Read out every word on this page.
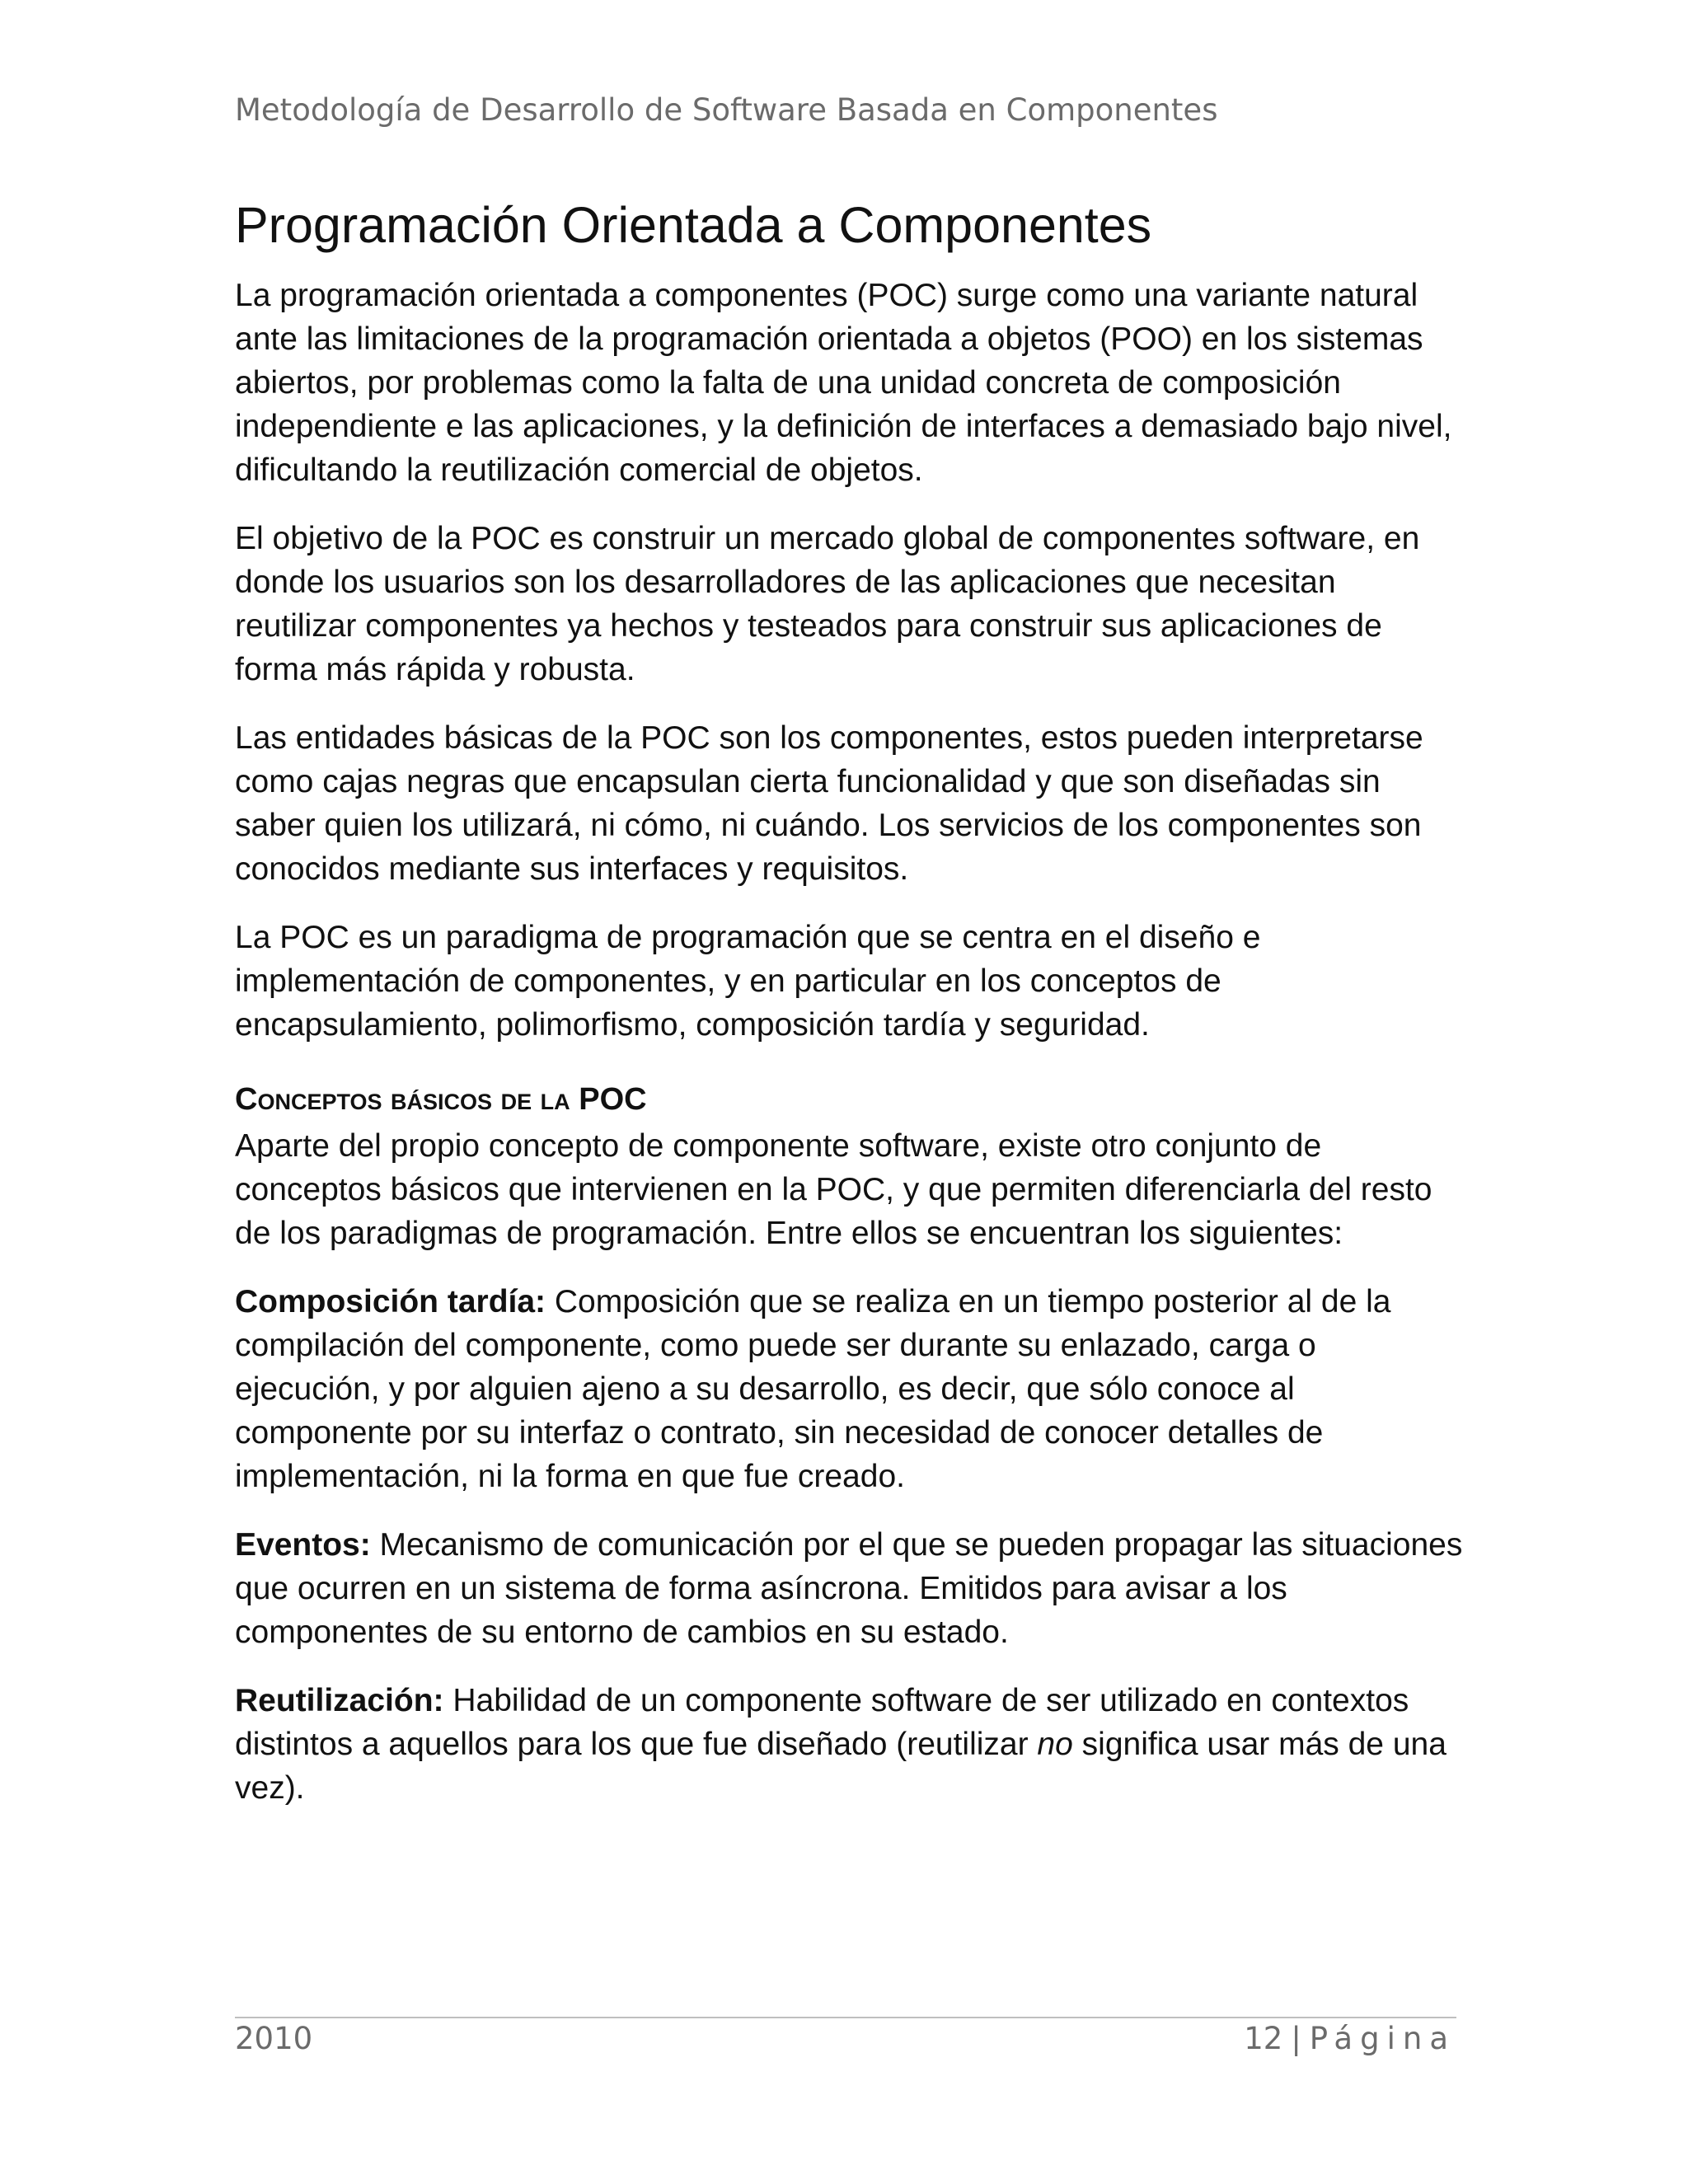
Metodología de Desarrollo de Software Basada en Componentes
Programación Orientada a Componentes

La programación orientada a componentes (POC) surge como una variante natural ante las limitaciones de la programación orientada a objetos (POO) en los sistemas abiertos, por problemas como la falta de una unidad concreta de composición independiente e las aplicaciones, y la definición de interfaces a demasiado bajo nivel, dificultando la reutilización comercial de objetos.

El objetivo de la POC es construir un mercado global de componentes software, en donde los usuarios son los desarrolladores de las aplicaciones que necesitan reutilizar componentes ya hechos y testeados para construir sus aplicaciones de forma más rápida y robusta.

Las entidades básicas de la POC son los componentes, estos pueden interpretarse como cajas negras que encapsulan cierta funcionalidad y que son diseñadas sin saber quien los utilizará, ni cómo, ni cuándo. Los servicios de los componentes son conocidos mediante sus interfaces y requisitos.

La POC es un paradigma de programación que se centra en el diseño e implementación de componentes, y en particular en los conceptos de encapsulamiento, polimorfismo, composición tardía y seguridad.

Conceptos básicos de la POC

Aparte del propio concepto de componente software, existe otro conjunto de conceptos básicos que intervienen en la POC, y que permiten diferenciarla del resto de los paradigmas de programación. Entre ellos se encuentran los siguientes:

Composición tardía: Composición que se realiza en un tiempo posterior al de la compilación del componente, como puede ser durante su enlazado, carga o ejecución, y por alguien ajeno a su desarrollo, es decir, que sólo conoce al componente por su interfaz o contrato, sin necesidad de conocer detalles de implementación, ni la forma en que fue creado.

Eventos: Mecanismo de comunicación por el que se pueden propagar las situaciones que ocurren en un sistema de forma asíncrona. Emitidos para avisar a los componentes de su entorno de cambios en su estado.

Reutilización: Habilidad de un componente software de ser utilizado en contextos distintos a aquellos para los que fue diseñado (reutilizar no significa usar más de una vez).

2010	12 | Página
